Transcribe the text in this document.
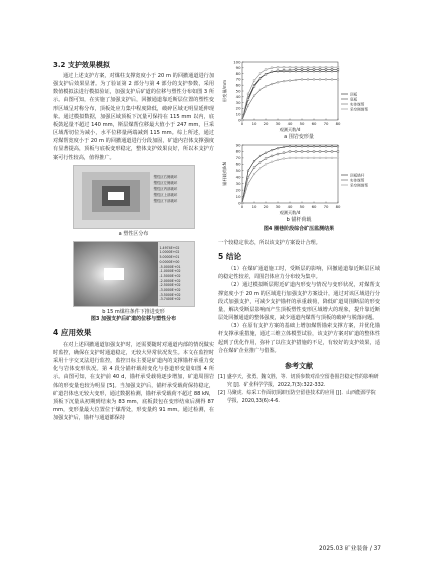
3.2 支护效果模拟
通过上述支护方案，对煤柱支撑宽度小于 20 m 的回撤通道进行加强支护后效果显著。为了验证第 2 部分与第 4 部分的支护参数，采用数值模拟法进行模拟验证，加强支护后矿道的位移与塑性分布如图 3 所示。由图可知，在实施了加强支护后，回撤通道靠近斯层位置的塑性变形区域呈对称分布，顶板处应力集中程度降低，破碎区域无明显延伸现象。通过模拟数据，加强区域顶板下沉量可保持在 115 mm 以内，底板鼓起量不超过 140 mm，斯层煤帮位移最大值小于 247 mm，巨采区域帮切位为减小，水平位移量两端减到 115 mm。综上所述，通过对煤帮宽度小于 20 m 的回撤通道进行分段加固，矿道内岩体支撑强度有显著提高，顶板与底板变形稳定，整体支护效果良好，所以本支护方案可行性较高，值得推广。
塑性区右侧破坏
塑性区左侧破坏
塑性区内部破坏
塑性区上部破坏
塑性区下部破坏
a 塑性区分布
1.4974E+02
1.0000E+02
5.0000E+01
0.0000E+00
-5.0000E+01
-1.0000E+02
-1.5000E+02
-2.0000E+02
-2.5000E+02
-3.0000E+02
-3.5000E+02
-3.7400E+02
b 15 m煤柱条件下推进变形
图3 加强支护后矿道的位移与塑性分布
4 应用效果
在对上述回撤通道加强支护时，还需要随时对通道内部的情况做实时监控，确保在支护时通道稳定，无较大异常状况发生。本文在监控时采用十字交叉法进行监控，监控日标主要是矿道内的支撑锚杆承重力变化与岩体变形状况。第 4 段分锚杆载荷变化与巷道形变量如图 4 所示。由图可知，在支护前 40 d，锚杆承受载荷逐步增加，矿道周围岩体的形变量也较为明显 [5]。当加强支护后，锚杆承受载荷保持稳定，矿道岩体也无较大变形，通过数据检测，锚杆承受载荷不超过 88 kN，顶板下沉量从初期到结束为 83 mm，底板鼓包在变形结束后测得 87 mm，变形量最大位置位于煤帮处，形变量约 91 mm。通过检测，在加强支护后，锚杆与通道都保持
0 10 20 30 40 50 60 70 80
0
10
20
30
40
50
60
70
80
90
100
观测天数/d
形变量/mm	顶板
底板
实体煤帮
采空侧煤帮
a 围岩变形量
0 10 20 30 40 50 60 70 80
0
10
20
30
40
50
60
70
80
90
观测天数/d
锚杆载荷/kN	顶板锚杆
实体煤帮
采空侧煤帮
b 锚杆荷载
图4 圈巷阶段综合矿压监测结果
一个较稳定状态，所以该支护方案设计合理。
5 结论
（1）在煤矿通道施工时，受断层的影响，回撤通道靠近断层区域的稳定性较差，周围岩体应力分布较为集中。
（2）通过模拟断层附近矿道内形变与情况与变形状况，对煤帮支撑宽度小于 20 m 的区域进行加强支护方案设计，通过对该区域进行分段式加强支护，可减少支护锚杆的承重载荷，降低矿道周围断层的形变量，解决受断层影响而产生顶板塑性变形区域增大的现象，提升靠近断层处回撤通道的整体强度，减少通道内煤帮与顶板的破碎与脱落问题。
（3）在原有支护方案的基础上增加煤帮锚索支撑方案，并优化锚杆支撑承重措施，通过三维立体模型试验，该支护方案对矿道的整体性起到了优化作用，弥补了以往支护措施的不足，有较好的支护效果，适合在煤矿企业推广与借鉴。
参考文献
[1] 盛亭天，张勇，魏文胜，等．切顶参数对沿空留巷围岩稳定性的影响研究 [J]．矿业科学学报，2022,7(3):322-332.
[2] 马聚虎．综采工作面切顶卸压防空留巷技术的应用 [J]．山西能源学院学报，2020,33(6):4-6.
2025.03 矿业装备 / 37
